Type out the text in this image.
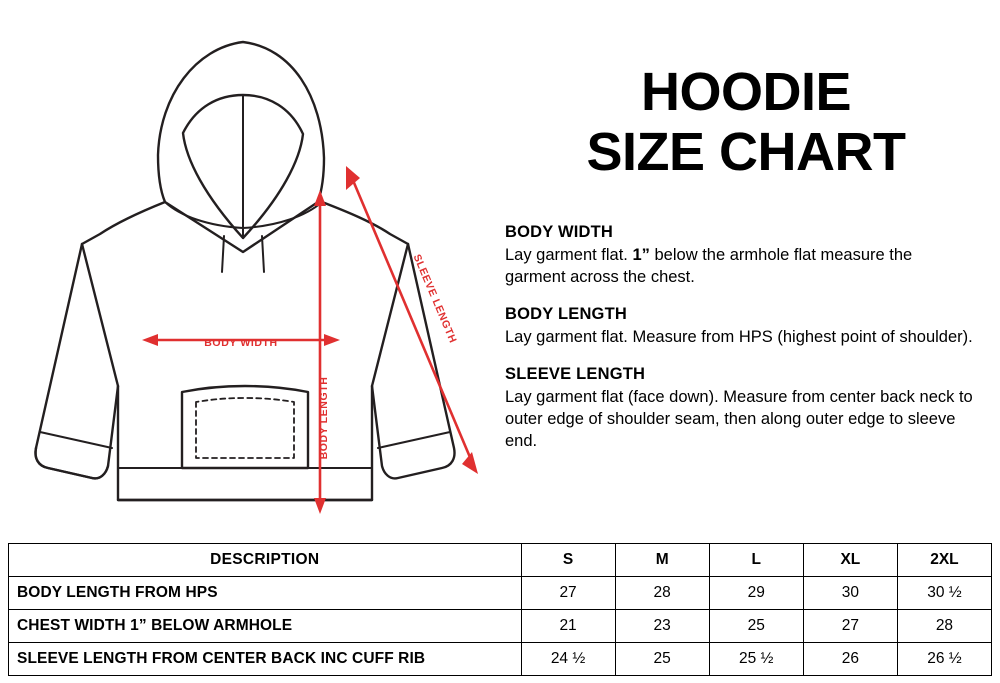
BODY WIDTH
BODY LENGTH
SLEEVE LENGTH
HOODIE
SIZE CHART
BODY WIDTH
Lay garment flat. 1” below the armhole flat measure the garment across the chest.
BODY LENGTH
Lay garment flat. Measure from HPS (highest point of shoulder).
SLEEVE LENGTH
Lay garment flat (face down). Measure from center back neck to outer edge of shoulder seam, then along outer edge to sleeve end.
DESCRIPTION	S	M	L	XL	2XL
BODY LENGTH FROM HPS	27	28	29	30	30 ½
CHEST WIDTH 1” BELOW ARMHOLE	21	23	25	27	28
SLEEVE LENGTH FROM CENTER BACK INC CUFF RIB	24 ½	25	25 ½	26	26 ½
